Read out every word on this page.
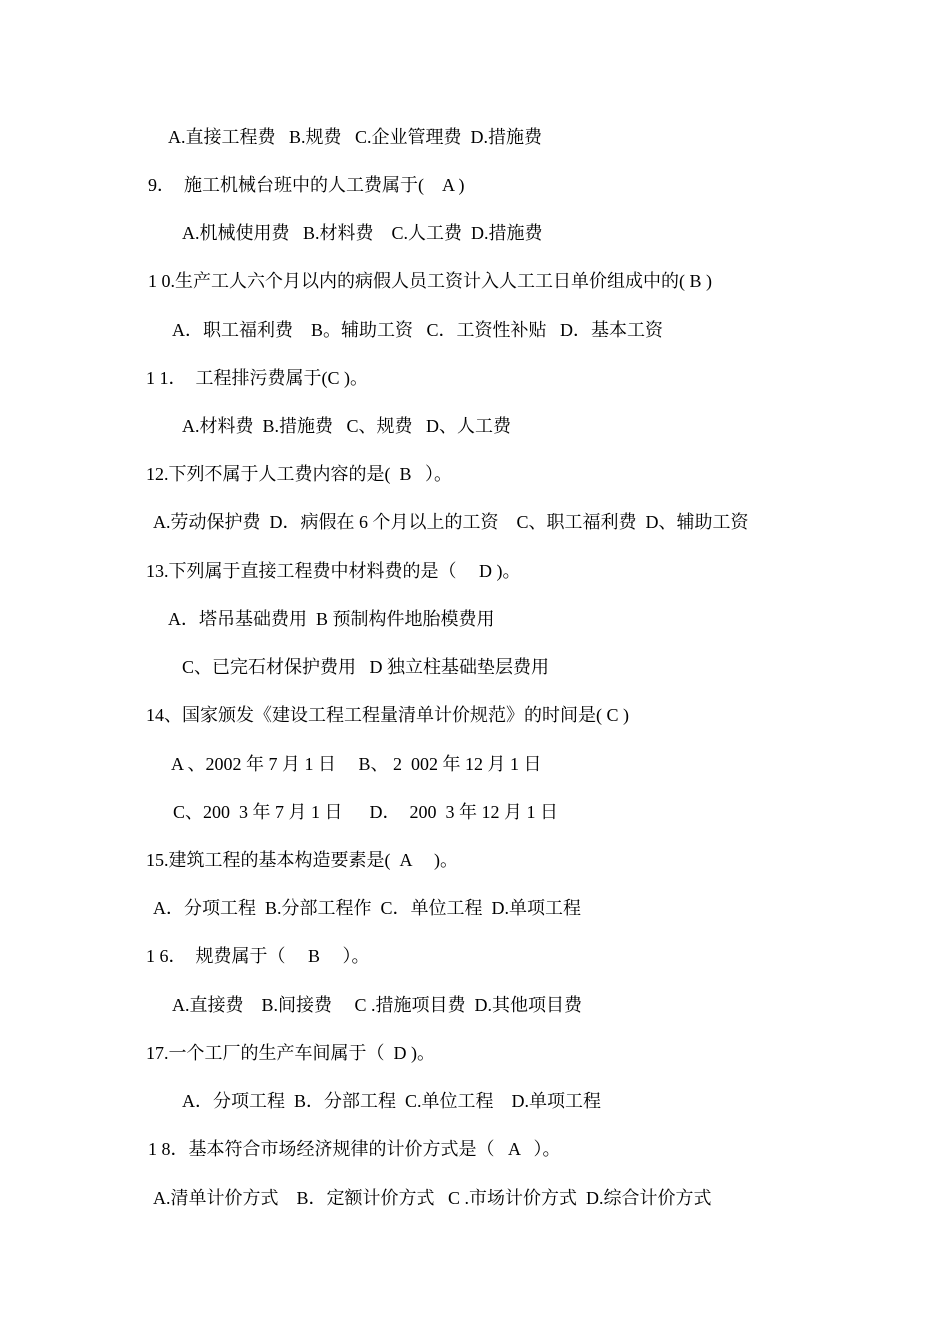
A.直接工程费   B.规费   C.企业管理费  D.措施费
9．  施工机械台班中的人工费属于(    A )
A.机械使用费   B.材料费    C.人工费  D.措施费
1 0.生产工人六个月以内的病假人员工资计入人工工日单价组成中的( B )
A．职工福利费    B。辅助工资   C．工资性补贴   D．基本工资
1 1．  工程排污费属于(C )。
A.材料费  B.措施费   C、规费   D、人工费
12.下列不属于人工费内容的是(  B   ）。
A.劳动保护费  D．病假在 6 个月以上的工资    C、职工福利费  D、辅助工资
13.下列属于直接工程费中材料费的是（     D )。
A．塔吊基础费用  B 预制构件地胎模费用
C、已完石材保护费用   D 独立柱基础垫层费用
14、国家颁发《建设工程工程量清单计价规范》的时间是( C )
A 、2002 年 7 月 1 日     B、 2  002 年 12 月 1 日
C、200  3 年 7 月 1 日      D．  200  3 年 12 月 1 日
15.建筑工程的基本构造要素是(  A     )。
A．分项工程  B.分部工程作  C．单位工程  D.单项工程
1 6．  规费属于（     B     ）。
A.直接费    B.间接费     C .措施项目费  D.其他项目费
17.一个工厂的生产车间属于（  D )。
A．分项工程  B．分部工程  C.单位工程    D.单项工程
1 8．基本符合市场经济规律的计价方式是（   A   ）。
A.清单计价方式    B．定额计价方式   C .市场计价方式  D.综合计价方式
